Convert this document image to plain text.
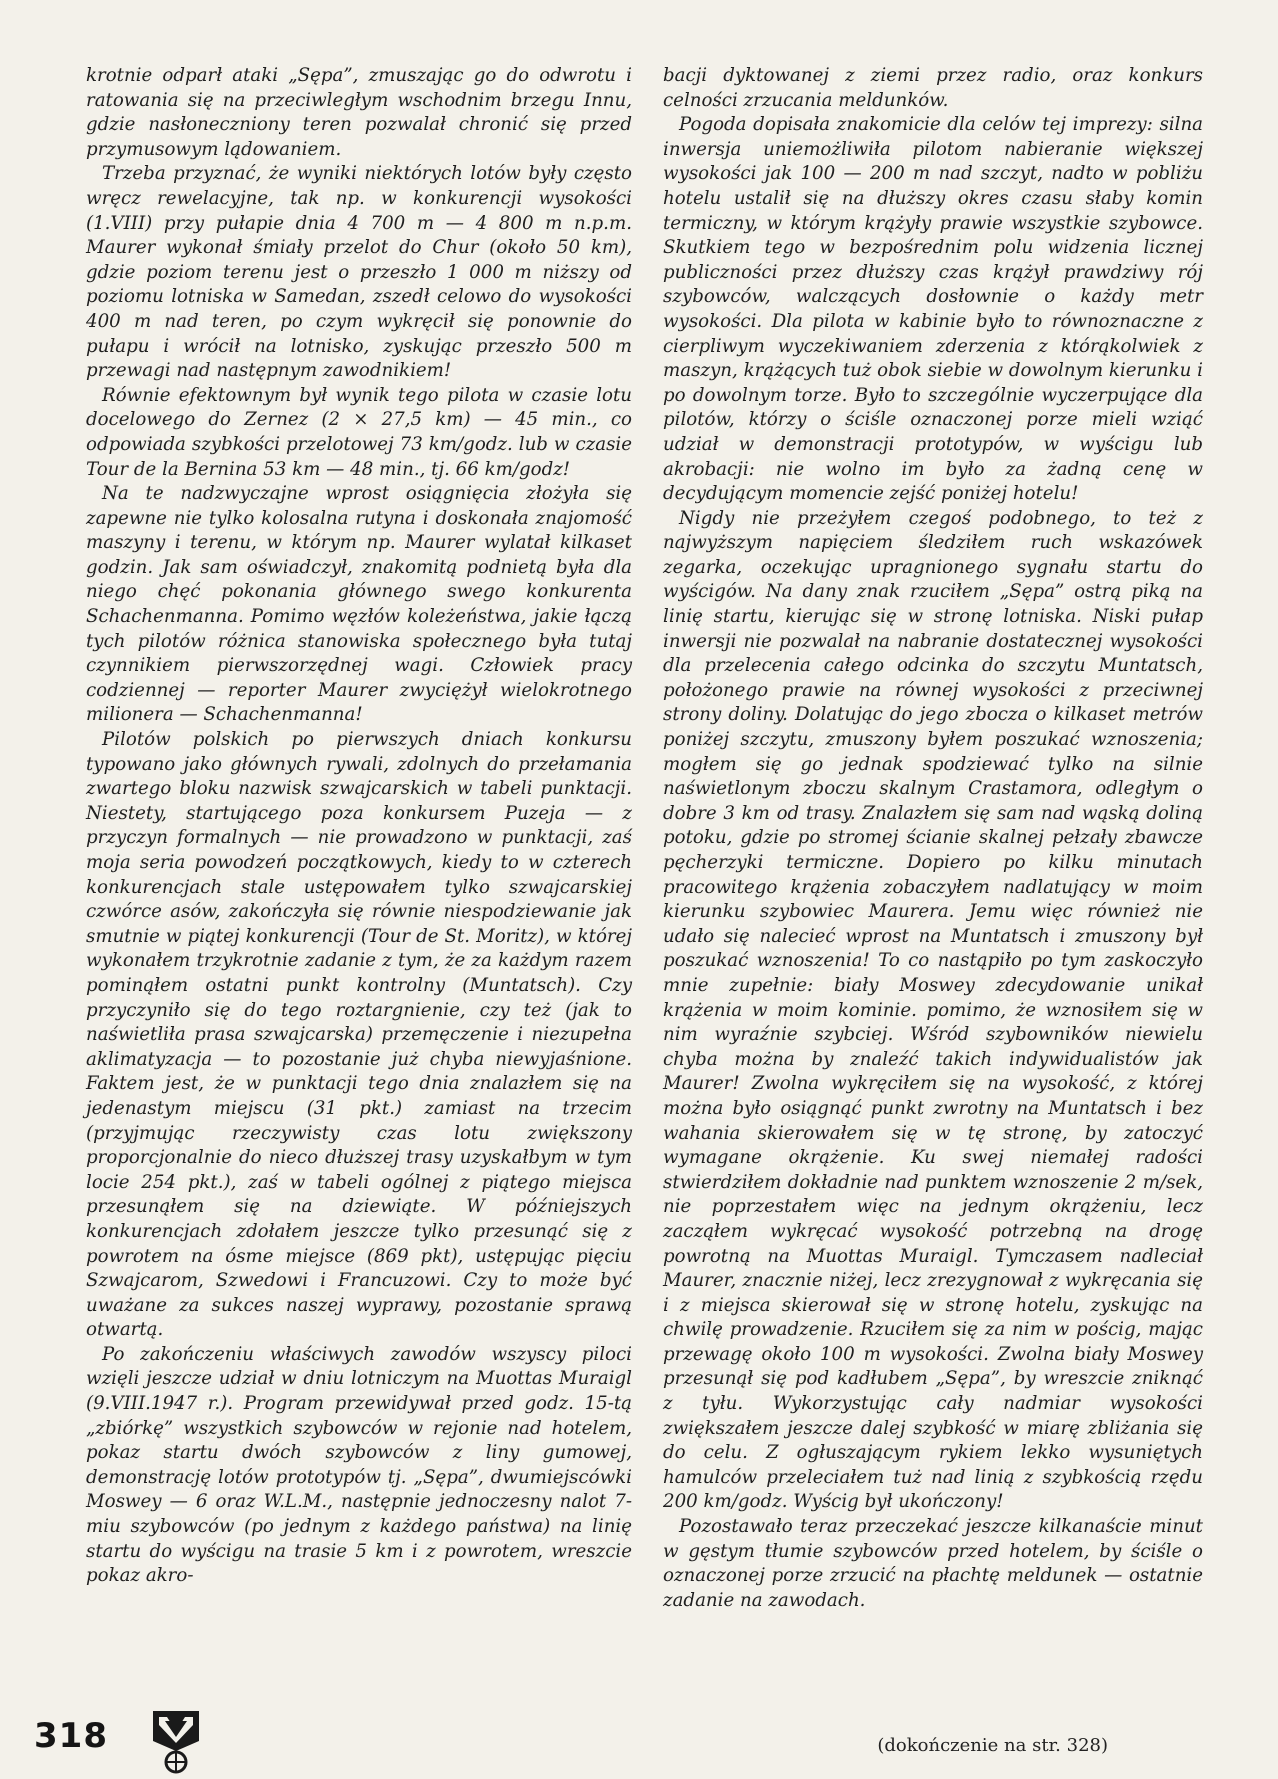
krotnie odparł ataki „Sępa”, zmuszając go do odwrotu i ratowania się na przeciwległym wschodnim brzegu Innu, gdzie nasłoneczniony teren pozwalał chronić się przed przymusowym lądowaniem.

Trzeba przyznać, że wyniki niektórych lotów były często wręcz rewelacyjne, tak np. w konkurencji wysokości (1.VIII) przy pułapie dnia 4 700 m — 4 800 m n.p.m. Maurer wykonał śmiały przelot do Chur (około 50 km), gdzie poziom terenu jest o przeszło 1 000 m niższy od poziomu lotniska w Samedan, zszedł celowo do wysokości 400 m nad teren, po czym wykręcił się ponownie do pułapu i wrócił na lotnisko, zyskując przeszło 500 m przewagi nad następnym zawodnikiem!

Równie efektownym był wynik tego pilota w czasie lotu docelowego do Zernez (2 × 27,5 km) — 45 min., co odpowiada szybkości przelotowej 73 km/godz. lub w czasie Tour de la Bernina 53 km — 48 min., tj. 66 km/godz!

Na te nadzwyczajne wprost osiągnięcia złożyła się zapewne nie tylko kolosalna rutyna i doskonała znajomość maszyny i terenu, w którym np. Maurer wylatał kilkaset godzin. Jak sam oświadczył, znakomitą podnietą była dla niego chęć pokonania głównego swego konkurenta Schachenmanna. Pomimo węzłów koleżeństwa, jakie łączą tych pilotów różnica stanowiska społecznego była tutaj czynnikiem pierwszorzędnej wagi. Człowiek pracy codziennej — reporter Maurer zwyciężył wielokrotnego milionera — Schachenmanna!

Pilotów polskich po pierwszych dniach konkursu typowano jako głównych rywali, zdolnych do przełamania zwartego bloku nazwisk szwajcarskich w tabeli punktacji. Niestety, startującego poza konkursem Puzeja — z przyczyn formalnych — nie prowadzono w punktacji, zaś moja seria powodzeń początkowych, kiedy to w czterech konkurencjach stale ustępowałem tylko szwajcarskiej czwórce asów, zakończyła się równie niespodziewanie jak smutnie w piątej konkurencji (Tour de St. Moritz), w której wykonałem trzykrotnie zadanie z tym, że za każdym razem pominąłem ostatni punkt kontrolny (Muntatsch). Czy przyczyniło się do tego roztargnienie, czy też (jak to naświetliła prasa szwajcarska) przemęczenie i niezupełna aklimatyzacja — to pozostanie już chyba niewyjaśnione. Faktem jest, że w punktacji tego dnia znalazłem się na jedenastym miejscu (31 pkt.) zamiast na trzecim (przyjmując rzeczywisty czas lotu zwiększony proporcjonalnie do nieco dłuższej trasy uzyskałbym w tym locie 254 pkt.), zaś w tabeli ogólnej z piątego miejsca przesunąłem się na dziewiąte. W późniejszych konkurencjach zdołałem jeszcze tylko przesunąć się z powrotem na ósme miejsce (869 pkt), ustępując pięciu Szwajcarom, Szwedowi i Francuzowi. Czy to może być uważane za sukces naszej wyprawy, pozostanie sprawą otwartą.

Po zakończeniu właściwych zawodów wszyscy piloci wzięli jeszcze udział w dniu lotniczym na Muottas Muraigl (9.VIII.1947 r.). Program przewidywał przed godz. 15-tą „zbiórkę” wszystkich szybowców w rejonie nad hotelem, pokaz startu dwóch szybowców z liny gumowej, demonstrację lotów prototypów tj. „Sępa”, dwumiejscówki Moswey — 6 oraz W.L.M., następnie jednoczesny nalot 7-miu szybowców (po jednym z każdego państwa) na linię startu do wyścigu na trasie 5 km i z powrotem, wreszcie pokaz akro-

bacji dyktowanej z ziemi przez radio, oraz konkurs celności zrzucania meldunków.

Pogoda dopisała znakomicie dla celów tej imprezy: silna inwersja uniemożliwiła pilotom nabieranie większej wysokości jak 100 — 200 m nad szczyt, nadto w pobliżu hotelu ustalił się na dłuższy okres czasu słaby komin termiczny, w którym krążyły prawie wszystkie szybowce. Skutkiem tego w bezpośrednim polu widzenia licznej publiczności przez dłuższy czas krążył prawdziwy rój szybowców, walczących dosłownie o każdy metr wysokości. Dla pilota w kabinie było to równoznaczne z cierpliwym wyczekiwaniem zderzenia z którąkolwiek z maszyn, krążących tuż obok siebie w dowolnym kierunku i po dowolnym torze. Było to szczególnie wyczerpujące dla pilotów, którzy o ściśle oznaczonej porze mieli wziąć udział w demonstracji prototypów, w wyścigu lub akrobacji: nie wolno im było za żadną cenę w decydującym momencie zejść poniżej hotelu!

Nigdy nie przeżyłem czegoś podobnego, to też z najwyższym napięciem śledziłem ruch wskazówek zegarka, oczekując upragnionego sygnału startu do wyścigów. Na dany znak rzuciłem „Sępa” ostrą piką na linię startu, kierując się w stronę lotniska. Niski pułap inwersji nie pozwalał na nabranie dostatecznej wysokości dla przelecenia całego odcinka do szczytu Muntatsch, położonego prawie na równej wysokości z przeciwnej strony doliny. Dolatując do jego zbocza o kilkaset metrów poniżej szczytu, zmuszony byłem poszukać wznoszenia; mogłem się go jednak spodziewać tylko na silnie naświetlonym zboczu skalnym Crastamora, odległym o dobre 3 km od trasy. Znalazłem się sam nad wąską doliną potoku, gdzie po stromej ścianie skalnej pełzały zbawcze pęcherzyki termiczne. Dopiero po kilku minutach pracowitego krążenia zobaczyłem nadlatujący w moim kierunku szybowiec Maurera. Jemu więc również nie udało się nalecieć wprost na Muntatsch i zmuszony był poszukać wznoszenia! To co nastąpiło po tym zaskoczyło mnie zupełnie: biały Moswey zdecydowanie unikał krążenia w moim kominie. pomimo, że wznosiłem się w nim wyraźnie szybciej. Wśród szybowników niewielu chyba można by znaleźć takich indywidualistów jak Maurer! Zwolna wykręciłem się na wysokość, z której można było osiągnąć punkt zwrotny na Muntatsch i bez wahania skierowałem się w tę stronę, by zatoczyć wymagane okrążenie. Ku swej niemałej radości stwierdziłem dokładnie nad punktem wznoszenie 2 m/sek, nie poprzestałem więc na jednym okrążeniu, lecz zacząłem wykręcać wysokość potrzebną na drogę powrotną na Muottas Muraigl. Tymczasem nadleciał Maurer, znacznie niżej, lecz zrezygnował z wykręcania się i z miejsca skierował się w stronę hotelu, zyskując na chwilę prowadzenie. Rzuciłem się za nim w pościg, mając przewagę około 100 m wysokości. Zwolna biały Moswey przesunął się pod kadłubem „Sępa”, by wreszcie zniknąć z tyłu. Wykorzystując cały nadmiar wysokości zwiększałem jeszcze dalej szybkość w miarę zbliżania się do celu. Z ogłuszającym rykiem lekko wysuniętych hamulców przeleciałem tuż nad linią z szybkością rzędu 200 km/godz. Wyścig był ukończony!

Pozostawało teraz przeczekać jeszcze kilkanaście minut w gęstym tłumie szybowców przed hotelem, by ściśle o oznaczonej porze zrzucić na płachtę meldunek — ostatnie zadanie na zawodach.

(dokończenie na str. 328)
318
